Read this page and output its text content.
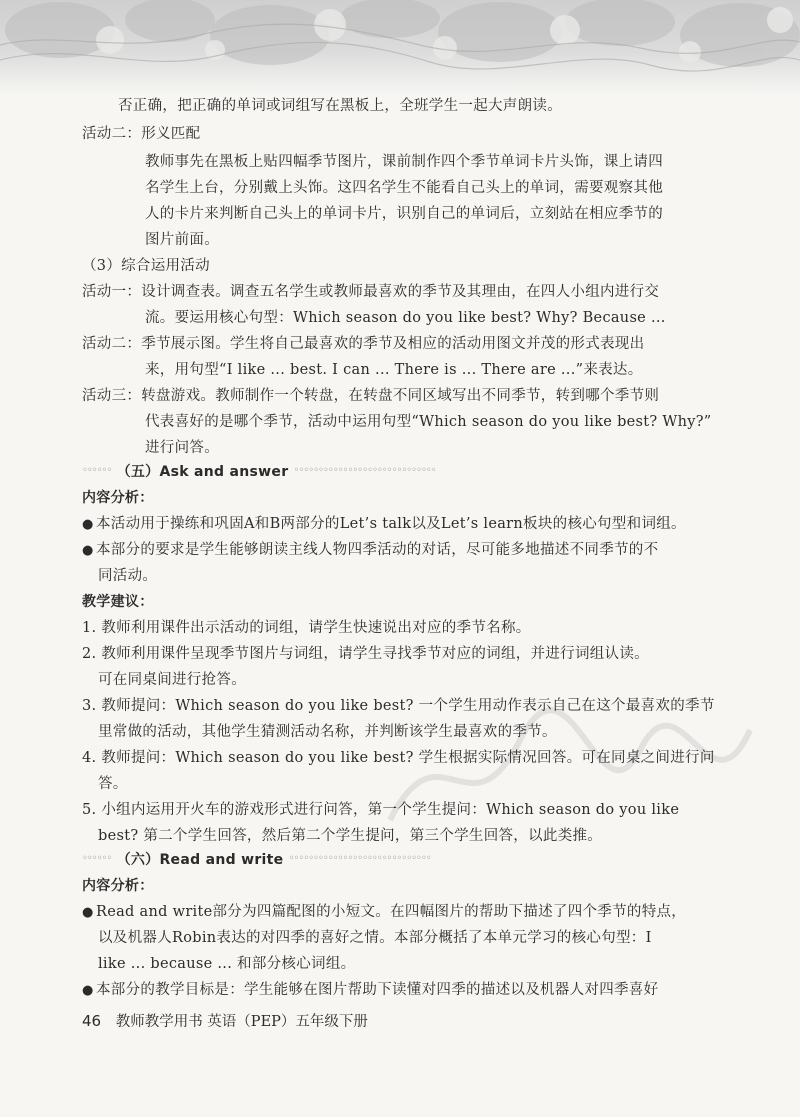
否正确，把正确的单词或词组写在黑板上，全班学生一起大声朗读。
活动二：形义匹配
教师事先在黑板上贴四幅季节图片，课前制作四个季节单词卡片头饰，课上请四
名学生上台，分别戴上头饰。这四名学生不能看自己头上的单词，需要观察其他
人的卡片来判断自己头上的单词卡片，识别自己的单词后，立刻站在相应季节的
图片前面。
（3）综合运用活动
活动一：设计调查表。调查五名学生或教师最喜欢的季节及其理由，在四人小组内进行交
流。要运用核心句型：Which season do you like best? Why? Because ...
活动二：季节展示图。学生将自己最喜欢的季节及相应的活动用图文并茂的形式表现出
来，用句型“I like ... best. I can ... There is ... There are ...”来表达。
活动三：转盘游戏。教师制作一个转盘，在转盘不同区域写出不同季节，转到哪个季节则
代表喜好的是哪个季节，活动中运用句型“Which season do you like best? Why?”
进行问答。
◦◦◦◦◦◦ （五）Ask and answer ◦◦◦◦◦◦◦◦◦◦◦◦◦◦◦◦◦◦◦◦◦◦◦◦◦◦◦◦◦
内容分析：
● 本活动用于操练和巩固A和B两部分的Let’s talk以及Let’s learn板块的核心句型和词组。
● 本部分的要求是学生能够朗读主线人物四季活动的对话，尽可能多地描述不同季节的不
同活动。
教学建议：
1. 教师利用课件出示活动的词组，请学生快速说出对应的季节名称。
2. 教师利用课件呈现季节图片与词组，请学生寻找季节对应的词组，并进行词组认读。
可在同桌间进行抢答。
3. 教师提问：Which season do you like best? 一个学生用动作表示自己在这个最喜欢的季节
里常做的活动，其他学生猜测活动名称，并判断该学生最喜欢的季节。
4. 教师提问：Which season do you like best? 学生根据实际情况回答。可在同桌之间进行问
答。
5. 小组内运用开火车的游戏形式进行问答，第一个学生提问：Which season do you like
best? 第二个学生回答，然后第二个学生提问，第三个学生回答，以此类推。
◦◦◦◦◦◦ （六）Read and write ◦◦◦◦◦◦◦◦◦◦◦◦◦◦◦◦◦◦◦◦◦◦◦◦◦◦◦◦◦
内容分析：
● Read and write部分为四篇配图的小短文。在四幅图片的帮助下描述了四个季节的特点，
以及机器人Robin表达的对四季的喜好之情。本部分概括了本单元学习的核心句型：I
like ... because ... 和部分核心词组。
● 本部分的教学目标是：学生能够在图片帮助下读懂对四季的描述以及机器人对四季喜好
46 教师教学用书 英语（PEP）五年级下册
